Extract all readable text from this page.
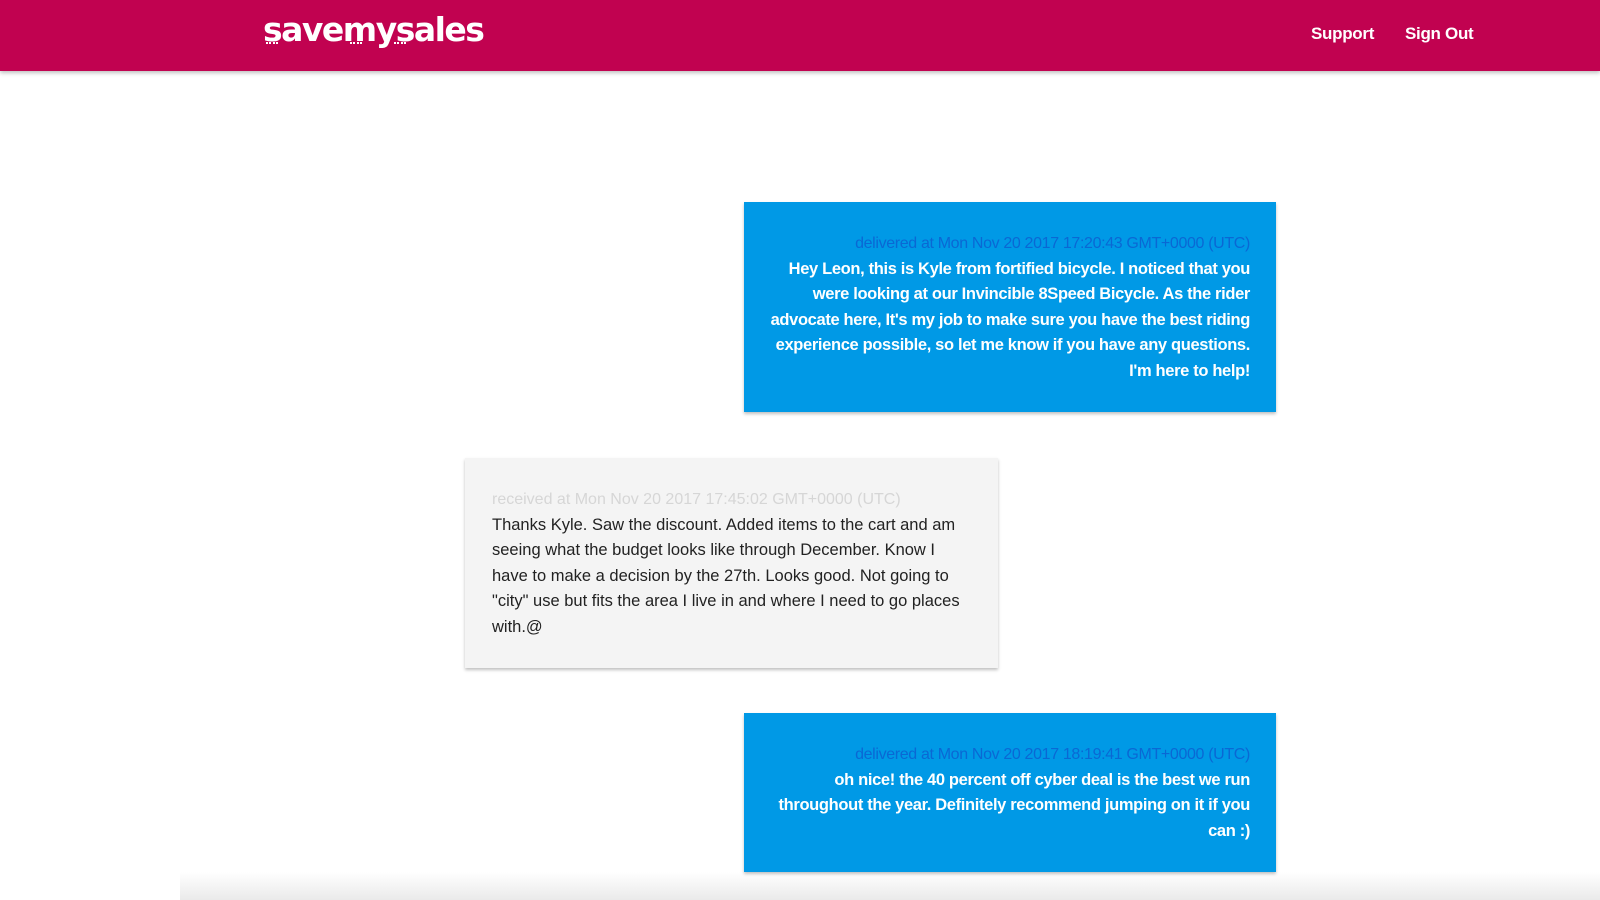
savemysales	Support Sign Out
delivered at Mon Nov 20 2017 17:20:43 GMT+0000 (UTC)
Hey Leon, this is Kyle from fortified bicycle. I noticed that you were looking at our Invincible 8Speed Bicycle. As the rider advocate here, It's my job to make sure you have the best riding experience possible, so let me know if you have any questions. I'm here to help!
received at Mon Nov 20 2017 17:45:02 GMT+0000 (UTC)
Thanks Kyle. Saw the discount. Added items to the cart and am seeing what the budget looks like through December. Know I have to make a decision by the 27th. Looks good. Not going to "city" use but fits the area I live in and where I need to go places with.@
delivered at Mon Nov 20 2017 18:19:41 GMT+0000 (UTC)
oh nice! the 40 percent off cyber deal is the best we run throughout the year. Definitely recommend jumping on it if you can :)
